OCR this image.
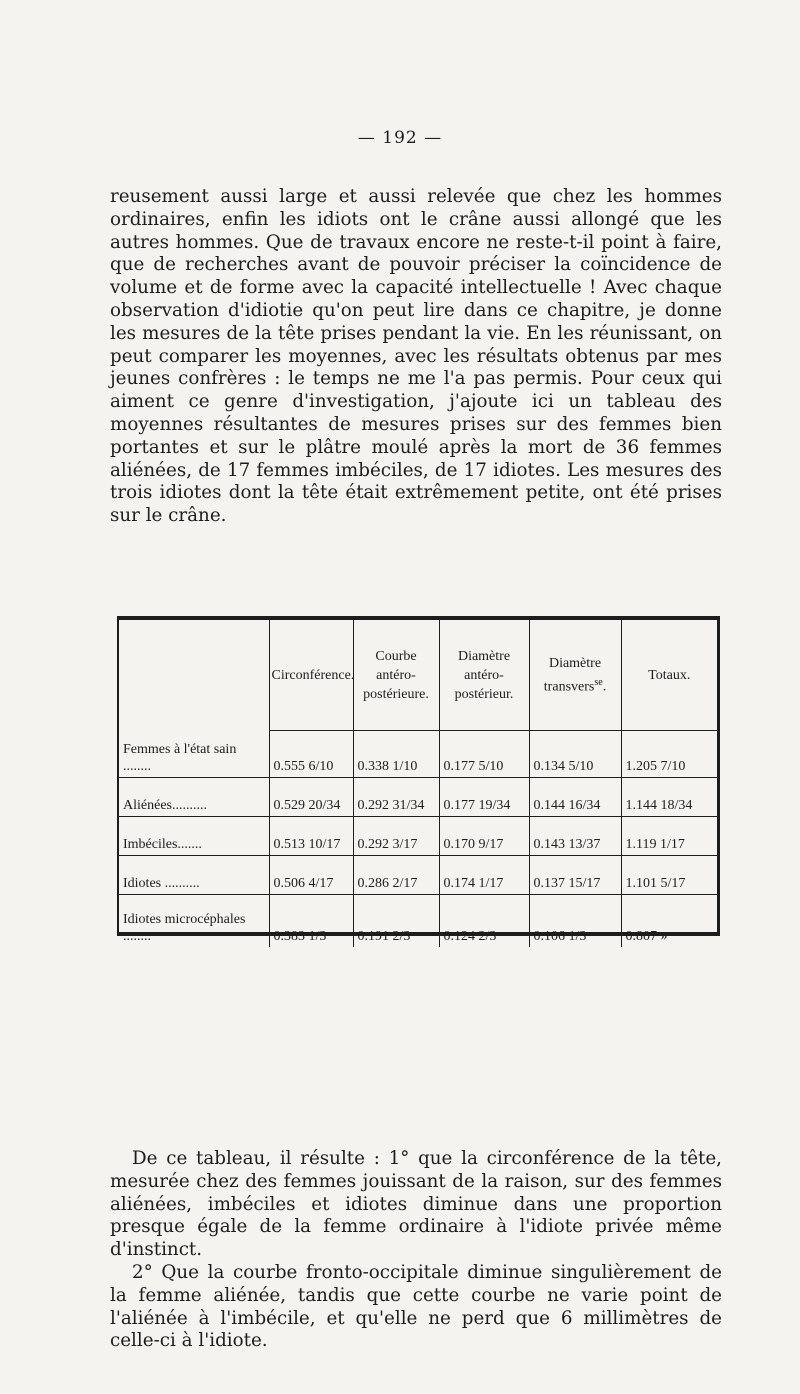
— 192 —

reusement aussi large et aussi relevée que chez les hommes ordinaires, enfin les idiots ont le crâne aussi allongé que les autres hommes. Que de travaux encore ne reste-t-il point à faire, que de recherches avant de pouvoir préciser la coïncidence de volume et de forme avec la capacité intellectuelle ! Avec chaque observation d'idiotie qu'on peut lire dans ce chapitre, je donne les mesures de la tête prises pendant la vie. En les réunissant, on peut comparer les moyennes, avec les résultats obtenus par mes jeunes confrères : le temps ne me l'a pas permis. Pour ceux qui aiment ce genre d'investigation, j'ajoute ici un tableau des moyennes résultantes de mesures prises sur des femmes bien portantes et sur le plâtre moulé après la mort de 36 femmes aliénées, de 17 femmes imbéciles, de 17 idiotes. Les mesures des trois idiotes dont la tête était extrêmement petite, ont été prises sur le crâne.

	Circonférence.	Courbe antéro-postérieure.	Diamètre antéro-postérieur.	Diamètre transvers$^{se}$.	Totaux.
Femmes à l'état sain ........	0.555 6/10	0.338 1/10	0.177 5/10	0.134 5/10	1.205 7/10
Aliénées..........	0.529 20/34	0.292 31/34	0.177 19/34	0.144 16/34	1.144 18/34
Imbéciles.......	0.513 10/17	0.292 3/17	0.170 9/17	0.143 13/37	1.119 1/17
Idiotes ..........	0.506 4/17	0.286 2/17	0.174 1/17	0.137 15/17	1.101 5/17
Idiotes microcéphales ........	0.383 1/3	0.191 2/3	0.124 2/3	0.106 1/3	0.807 »

De ce tableau, il résulte : 1° que la circonférence de la tête, mesurée chez des femmes jouissant de la raison, sur des femmes aliénées, imbéciles et idiotes diminue dans une proportion presque égale de la femme ordinaire à l'idiote privée même d'instinct.

2° Que la courbe fronto-occipitale diminue singulièrement de la femme aliénée, tandis que cette courbe ne varie point de l'aliénée à l'imbécile, et qu'elle ne perd que 6 millimètres de celle-ci à l'idiote.
